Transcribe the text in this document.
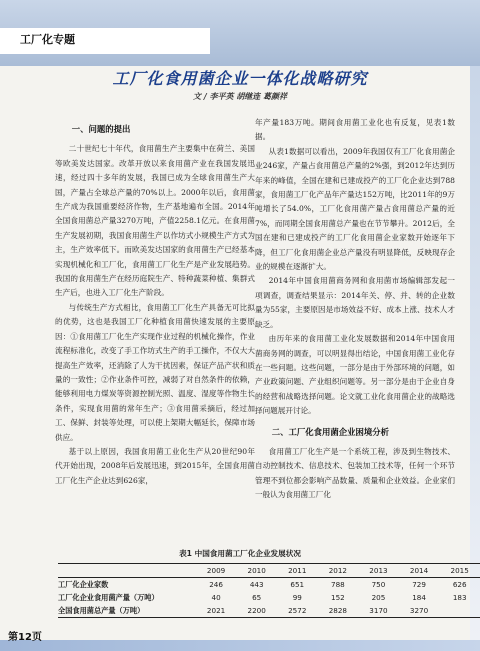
工厂化专题
工厂化食用菌企业一体化战略研究
文 / 李平英 胡继连 葛颜祥
一、问题的提出

二十世纪七十年代，食用菌生产主要集中在荷兰、美国等欧美发达国家。改革开放以来食用菌产业在我国发展迅速，经过四十多年的发展，我国已成为全球食用菌生产大国，产量占全球总产量的70%以上。2000年以后，食用菌生产成为我国重要经济作物，生产基地遍布全国。2014年全国食用菌总产量3270万吨，产值2258.1亿元。在食用菌生产发展初期，我国食用菌生产以作坊式小规模生产方式为主，生产效率低下。而欧美发达国家的食用菌生产已经基本实现机械化和工厂化，食用菌工厂化生产是产业发展趋势。我国的食用菌生产在经历庭院生产、特种蔬菜种植、集群式生产后，也进入工厂化生产阶段。

与传统生产方式相比，食用菌工厂化生产具备无可比拟的优势，这也是我国工厂化种植食用菌快速发展的主要原因：①食用菌工厂化生产实现作业过程的机械化操作，作业流程标准化，改变了手工作坊式生产的手工操作，不仅大大提高生产效率，还消除了人为干扰因素，保证产品产状和质量的一致性；②作业条件可控，减弱了对自然条件的依赖，能够利用电力煤炭等资源控制光照、温度、湿度等作物生长条件，实现食用菌的常年生产；③食用菌采摘后，经过加工、保鲜、封装等处理，可以使上架期大幅延长，保障市场供应。

基于以上原因，我国食用菌工业化生产从20世纪90年代开始出现，2008年后发展迅速，到2015年，全国食用菌工厂化生产企业达到626家，

年产量183万吨。期间食用菌工业化也有反复，见表1数据。

从表1数据可以看出，2009年我国仅有工厂化食用菌企业246家，产量占食用菌总产量的2%强，到2012年达到历年来的峰值，全国在建和已建成投产的工厂化企业达到788家，食用菌工厂化产品年产量达152万吨，比2011年的9万吨增长了54.0%，工厂化食用菌产量占食用菌总产量的近7%，而同期全国食用菌总产量也在节节攀升。2012后，全国在建和已建成投产的工厂化食用菌企业家数开始逐年下降，但工厂化食用菌企业总产量没有明显降低，反映现存企业的规模在逐渐扩大。

2014年中国食用菌商务网和食用菌市场编辑部发起一项调查，调查结果显示：2014年关、停、并、转的企业数量为55家，主要原因是市场效益不好、成本上涨、技术人才缺乏。

由历年来的食用菌工业化发展数据和2014年中国食用菌商务网的调查，可以明显得出结论，中国食用菌工业化存在一些问题。这些问题，一部分是由于外部环境的问题，如产业政策问题、产业组织问题等。另一部分是由于企业自身的经营和战略选择问题。论文就工业化食用菌企业的战略选择问题展开讨论。

二、工厂化食用菌企业困境分析

食用菌工厂化生产是一个系统工程，涉及到生物技术、自动控制技术、信息技术、包装加工技术等，任何一个环节管理不到位都会影响产品数量、质量和企业效益。企业家们一般认为食用菌工厂化

表1 中国食用菌工厂化企业发展状况
	2009	2010	2011	2012	2013	2014	2015
工厂化企业家数	246	443	651	788	750	729	626
工厂化企业食用菌产量（万吨）	40	65	99	152	205	184	183
全国食用菌总产量（万吨）	2021	2200	2572	2828	3170	3270	
第12页
